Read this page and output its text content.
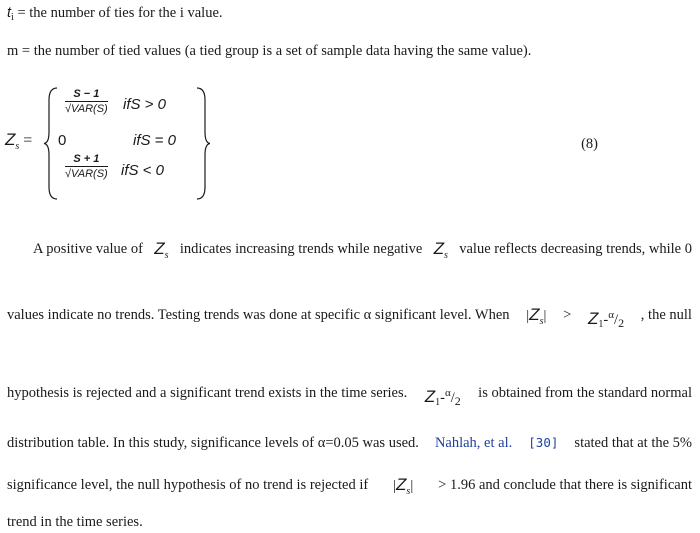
$t_i$ = the number of ties for the i value.
m = the number of tied values (a tied group is a set of sample data having the same value).
$Z_s$ =
S − 1
√VAR(S) ifS > 0
0	ifS = 0
S + 1
√VAR(S) ifS < 0
(8)
A positive value of $Z_s$ indicates increasing trends while negative $Z_s$ value reflects decreasing trends, while 0
values indicate no trends. Testing trends was done at specific α significant level. When $|Z_s| > Z_1-^\alpha/_2$ , the null
hypothesis is rejected and a significant trend exists in the time series. $Z_1-^\alpha/_2$ is obtained from the standard normal
distribution table. In this study, significance levels of α=0.05 was used. Nahlah, et al. [30] stated that at the 5%
significance level, the null hypothesis of no trend is rejected if $|Z_s| > 1.96$ and conclude that there is significant
trend in the time series.
